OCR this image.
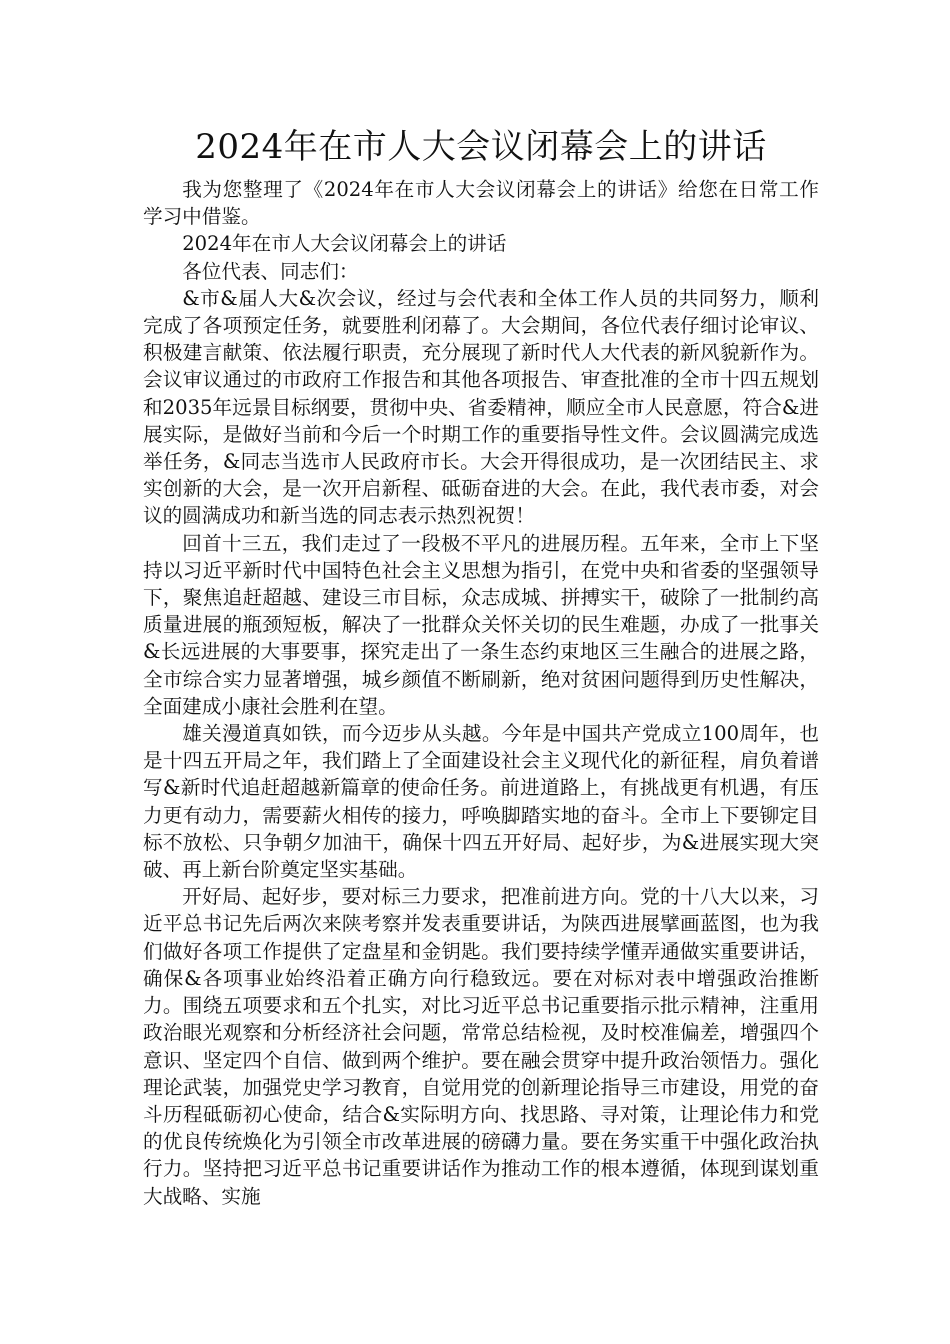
2024年在市人大会议闭幕会上的讲话

我为您整理了《2024年在市人大会议闭幕会上的讲话》给您在日常工作学习中借鉴。

2024年在市人大会议闭幕会上的讲话

各位代表、同志们：

&市&届人大&次会议，经过与会代表和全体工作人员的共同努力，顺利完成了各项预定任务，就要胜利闭幕了。大会期间，各位代表仔细讨论审议、积极建言献策、依法履行职责，充分展现了新时代人大代表的新风貌新作为。会议审议通过的市政府工作报告和其他各项报告、审查批准的全市十四五规划和2035年远景目标纲要，贯彻中央、省委精神，顺应全市人民意愿，符合&进展实际，是做好当前和今后一个时期工作的重要指导性文件。会议圆满完成选举任务，&同志当选市人民政府市长。大会开得很成功，是一次团结民主、求实创新的大会，是一次开启新程、砥砺奋进的大会。在此，我代表市委，对会议的圆满成功和新当选的同志表示热烈祝贺！

回首十三五，我们走过了一段极不平凡的进展历程。五年来，全市上下坚持以习近平新时代中国特色社会主义思想为指引，在党中央和省委的坚强领导下，聚焦追赶超越、建设三市目标，众志成城、拼搏实干，破除了一批制约高质量进展的瓶颈短板，解决了一批群众关怀关切的民生难题，办成了一批事关&长远进展的大事要事，探究走出了一条生态约束地区三生融合的进展之路，全市综合实力显著增强，城乡颜值不断刷新，绝对贫困问题得到历史性解决，全面建成小康社会胜利在望。

雄关漫道真如铁，而今迈步从头越。今年是中国共产党成立100周年，也是十四五开局之年，我们踏上了全面建设社会主义现代化的新征程，肩负着谱写&新时代追赶超越新篇章的使命任务。前进道路上，有挑战更有机遇，有压力更有动力，需要薪火相传的接力，呼唤脚踏实地的奋斗。全市上下要铆定目标不放松、只争朝夕加油干，确保十四五开好局、起好步，为&进展实现大突破、再上新台阶奠定坚实基础。

开好局、起好步，要对标三力要求，把准前进方向。党的十八大以来，习近平总书记先后两次来陕考察并发表重要讲话，为陕西进展擘画蓝图，也为我们做好各项工作提供了定盘星和金钥匙。我们要持续学懂弄通做实重要讲话，确保&各项事业始终沿着正确方向行稳致远。要在对标对表中增强政治推断力。围绕五项要求和五个扎实，对比习近平总书记重要指示批示精神，注重用政治眼光观察和分析经济社会问题，常常总结检视，及时校准偏差，增强四个意识、坚定四个自信、做到两个维护。要在融会贯穿中提升政治领悟力。强化理论武装，加强党史学习教育，自觉用党的创新理论指导三市建设，用党的奋斗历程砥砺初心使命，结合&实际明方向、找思路、寻对策，让理论伟力和党的优良传统焕化为引领全市改革进展的磅礴力量。要在务实重干中强化政治执行力。坚持把习近平总书记重要讲话作为推动工作的根本遵循，体现到谋划重大战略、实施
